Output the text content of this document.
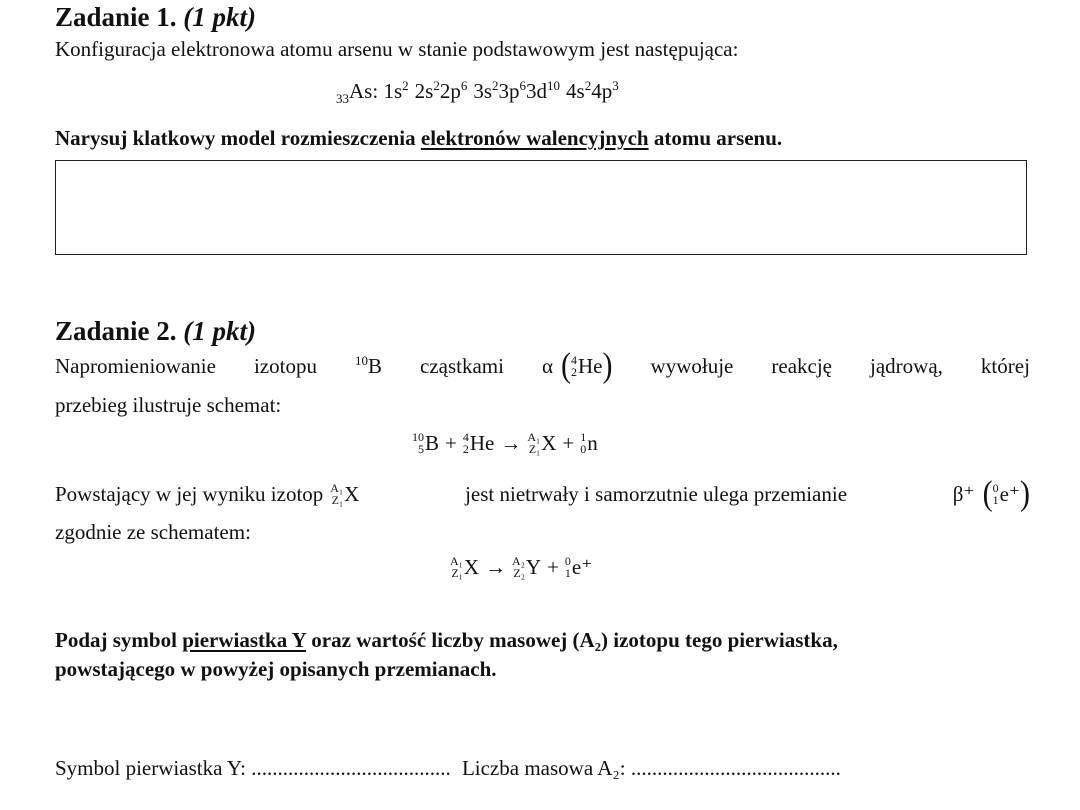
Zadanie 1. (1 pkt)
Konfiguracja elektronowa atomu arsenu w stanie podstawowym jest następująca:
$_{33}$As: $1s^2$ $2s^22p^6$ $3s^23p^63d^{10}$ $4s^24p^3$
Narysuj klatkowy model rozmieszczenia elektronów walencyjnych atomu arsenu.
Zadanie 2. (1 pkt)
Napromieniowanie izotopu	$^{10}$B cząstkami α ( 4
2 He ) wywołuje reakcję jądrową, której
przebieg ilustruje schemat:
10
5 B + 4
2 He → A₁
Z₁ X + 1
0 n
Powstający w jej wyniku izotop A₁
Z₁ X	jest nietrwały i samorzutnie ulega przemianie	β⁺ ( 0
1 e⁺ )
zgodnie ze schematem:
A₁
Z₁ X → A₂
Z₂ Y + 0
1 e⁺
Podaj symbol pierwiastka Y oraz wartość liczby masowej (A₂) izotopu tego pierwiastka,
powstającego w powyżej opisanych przemianach.
Symbol pierwiastka Y: ...................................... Liczba masowa A₂: ........................................
